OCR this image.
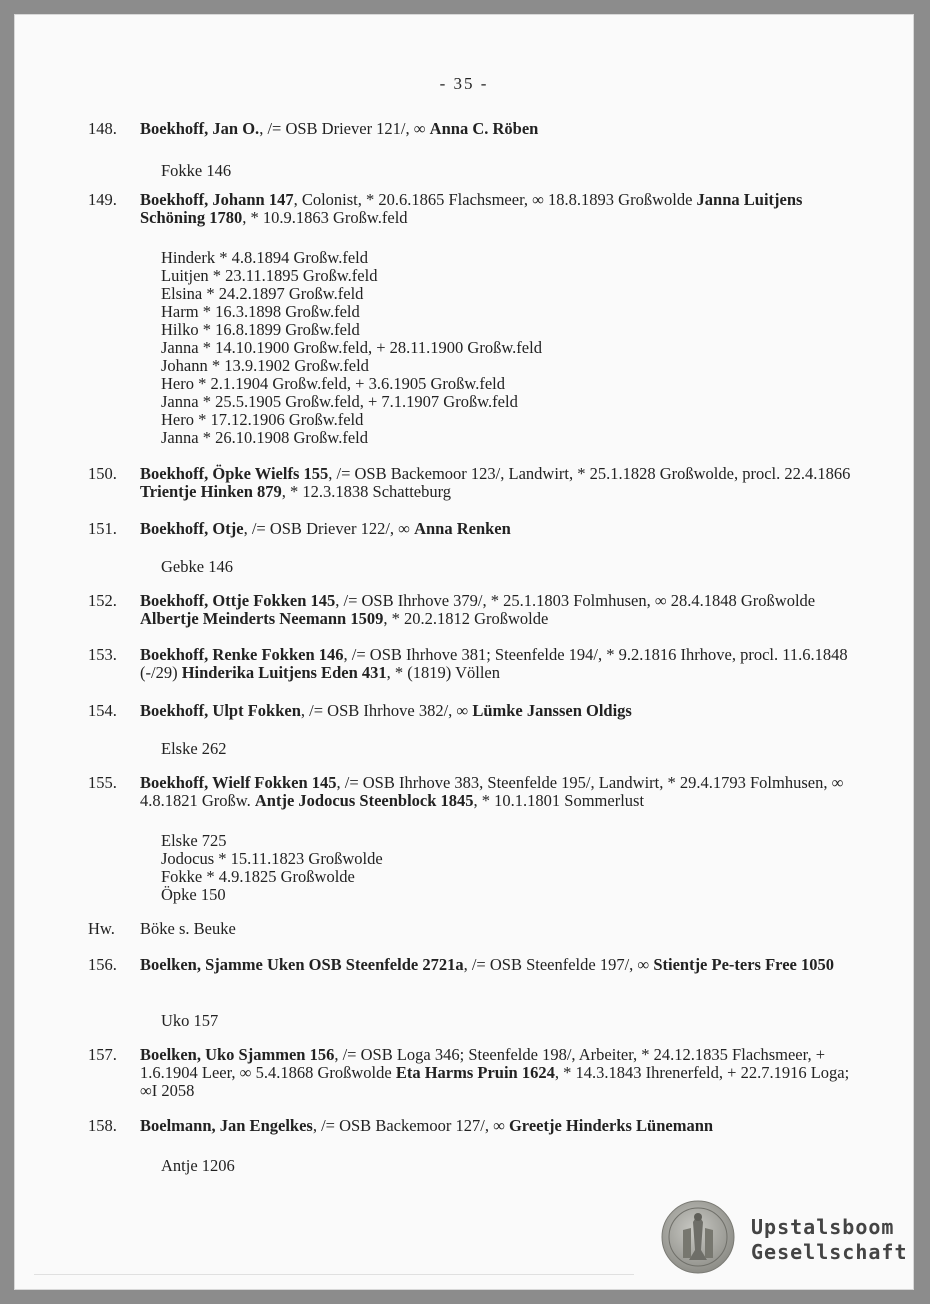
- 35 -
148.	Boekhoff, Jan O., /= OSB Driever 121/, ∞ Anna C. Röben
Fokke 146
149.	Boekhoff, Johann 147, Colonist, * 20.6.1865 Flachsmeer, ∞ 18.8.1893 Großwolde Janna Luitjens Schöning 1780, * 10.9.1863 Großw.feld
Hinderk * 4.8.1894 Großw.feld
Luitjen * 23.11.1895 Großw.feld
Elsina * 24.2.1897 Großw.feld
Harm * 16.3.1898 Großw.feld
Hilko * 16.8.1899 Großw.feld
Janna * 14.10.1900 Großw.feld, + 28.11.1900 Großw.feld
Johann * 13.9.1902 Großw.feld
Hero * 2.1.1904 Großw.feld, + 3.6.1905 Großw.feld
Janna * 25.5.1905 Großw.feld, + 7.1.1907 Großw.feld
Hero * 17.12.1906 Großw.feld
Janna * 26.10.1908 Großw.feld
150.	Boekhoff, Öpke Wielfs 155, /= OSB Backemoor 123/, Landwirt, * 25.1.1828 Großwolde, procl. 22.4.1866 Trientje Hinken 879, * 12.3.1838 Schatteburg
151.	Boekhoff, Otje, /= OSB Driever 122/, ∞ Anna Renken
Gebke 146
152.	Boekhoff, Ottje Fokken 145, /= OSB Ihrhove 379/, * 25.1.1803 Folmhusen, ∞ 28.4.1848 Großwolde Albertje Meinderts Neemann 1509, * 20.2.1812 Großwolde
153.	Boekhoff, Renke Fokken 146, /= OSB Ihrhove 381; Steenfelde 194/, * 9.2.1816 Ihrhove, procl. 11.6.1848 (-/29) Hinderika Luitjens Eden 431, * (1819) Völlen
154.	Boekhoff, Ulpt Fokken, /= OSB Ihrhove 382/, ∞ Lümke Janssen Oldigs
Elske 262
155.	Boekhoff, Wielf Fokken 145, /= OSB Ihrhove 383, Steenfelde 195/, Landwirt, * 29.4.1793 Folmhusen, ∞ 4.8.1821 Großw. Antje Jodocus Steenblock 1845, * 10.1.1801 Sommerlust
Elske 725
Jodocus * 15.11.1823 Großwolde
Fokke * 4.9.1825 Großwolde
Öpke 150
Hw.	Böke s. Beuke
156.	Boelken, Sjamme Uken OSB Steenfelde 2721a, /= OSB Steenfelde 197/, ∞ Stientje Pe-ters Free 1050
Uko 157
157.	Boelken, Uko Sjammen 156, /= OSB Loga 346; Steenfelde 198/, Arbeiter, * 24.12.1835 Flachsmeer, + 1.6.1904 Leer, ∞ 5.4.1868 Großwolde Eta Harms Pruin 1624, * 14.3.1843 Ihrenerfeld, + 22.7.1916 Loga; ∞I 2058
158.	Boelmann, Jan Engelkes, /= OSB Backemoor 127/, ∞ Greetje Hinderks Lünemann
Antje 1206
Upstalsboom
Gesellschaft
